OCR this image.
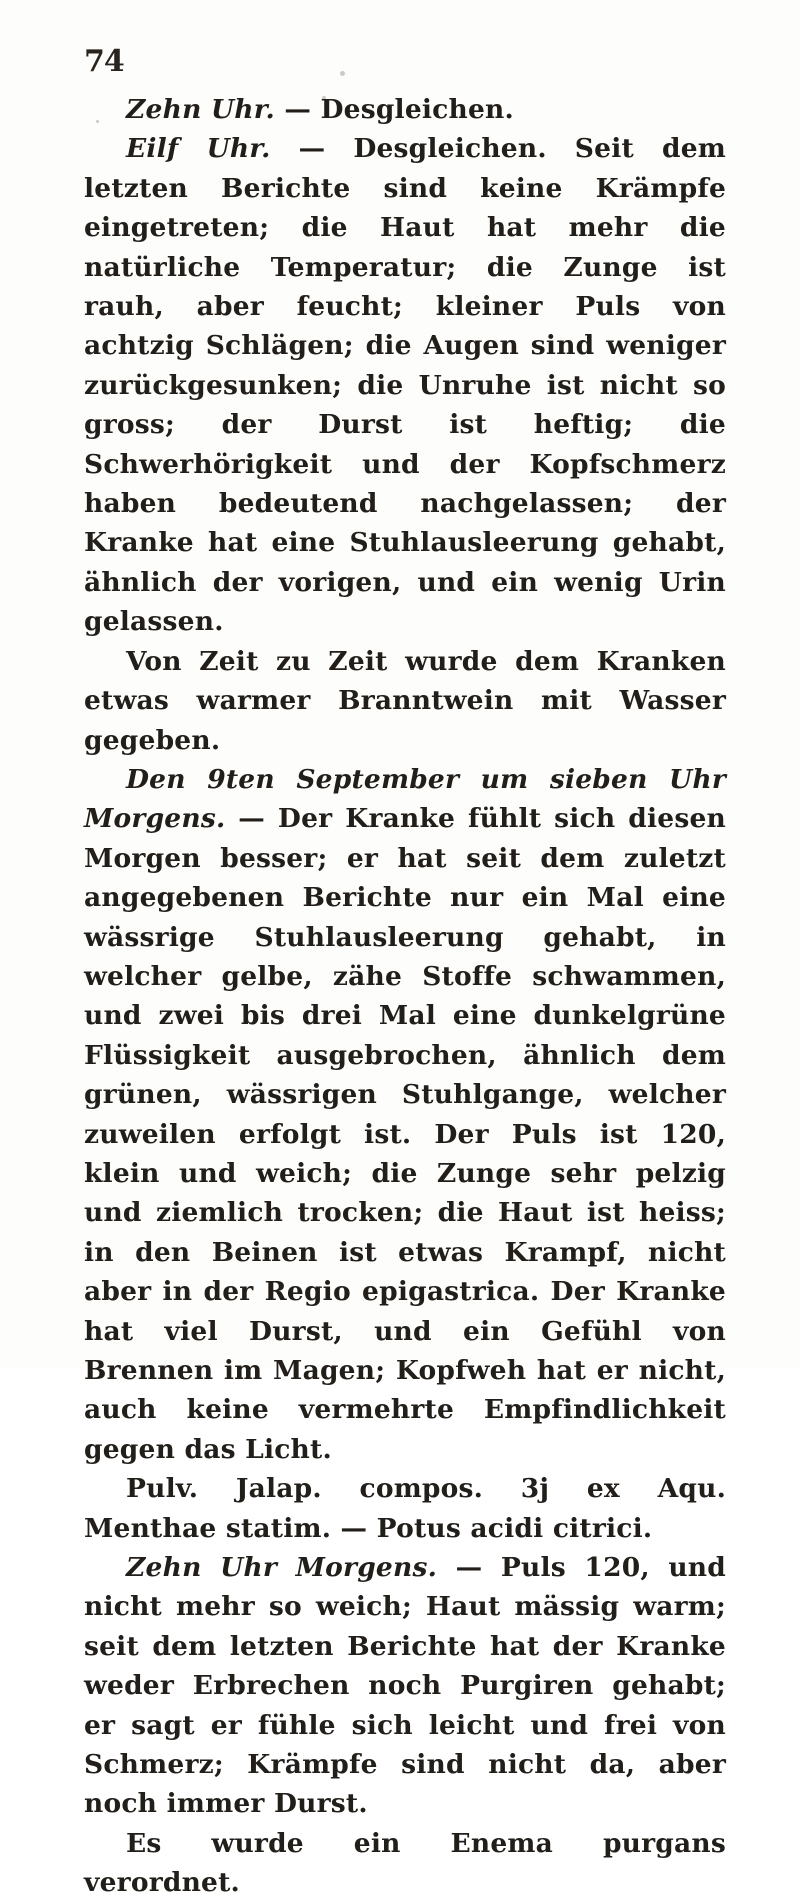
74

Zehn Uhr. — Desgleichen.

Eilf Uhr. — Desgleichen. Seit dem letzten Berichte sind keine Krämpfe eingetreten; die Haut hat mehr die natürliche Temperatur; die Zunge ist rauh, aber feucht; kleiner Puls von achtzig Schlägen; die Augen sind weniger zurückgesunken; die Unruhe ist nicht so gross; der Durst ist heftig; die Schwerhörigkeit und der Kopfschmerz haben bedeutend nachgelassen; der Kranke hat eine Stuhlausleerung gehabt, ähnlich der vorigen, und ein wenig Urin gelassen.

Von Zeit zu Zeit wurde dem Kranken etwas warmer Branntwein mit Wasser gegeben.

Den 9ten September um sieben Uhr Morgens. — Der Kranke fühlt sich diesen Morgen besser; er hat seit dem zuletzt angegebenen Berichte nur ein Mal eine wässrige Stuhlausleerung gehabt, in welcher gelbe, zähe Stoffe schwammen, und zwei bis drei Mal eine dunkelgrüne Flüssigkeit ausgebrochen, ähnlich dem grünen, wässrigen Stuhlgange, welcher zuweilen erfolgt ist. Der Puls ist 120, klein und weich; die Zunge sehr pelzig und ziemlich trocken; die Haut ist heiss; in den Beinen ist etwas Krampf, nicht aber in der Regio epigastrica. Der Kranke hat viel Durst, und ein Gefühl von Brennen im Magen; Kopfweh hat er nicht, auch keine vermehrte Empfindlichkeit gegen das Licht.

Pulv. Jalap. compos. 3j ex Aqu. Menthae statim. — Potus acidi citrici.

Zehn Uhr Morgens. — Puls 120, und nicht mehr so weich; Haut mässig warm; seit dem letzten Berichte hat der Kranke weder Erbrechen noch Purgiren gehabt; er sagt er fühle sich leicht und frei von Schmerz; Krämpfe sind nicht da, aber noch immer Durst.

Es wurde ein Enema purgans verordnet.
